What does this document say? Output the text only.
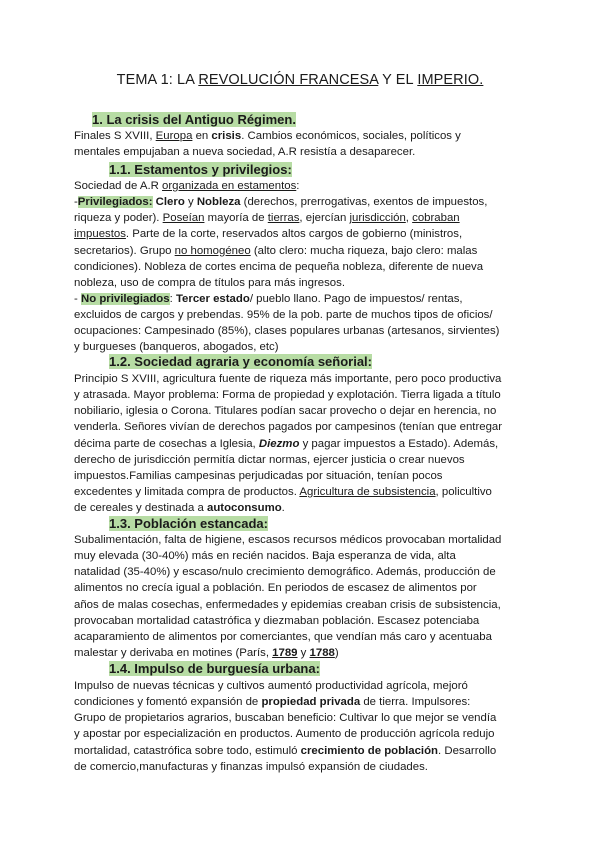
TEMA 1: LA REVOLUCIÓN FRANCESA Y EL IMPERIO.
1. La crisis del Antiguo Régimen.
Finales S XVIII, Europa en crisis. Cambios económicos, sociales, políticos y
mentales empujaban a nueva sociedad, A.R resistía a desaparecer.
1.1. Estamentos y privilegios:
Sociedad de A.R organizada en estamentos:
-Privilegiados: Clero y Nobleza (derechos, prerrogativas, exentos de impuestos,
riqueza y poder). Poseían mayoría de tierras, ejercían jurisdicción, cobraban
impuestos. Parte de la corte, reservados altos cargos de gobierno (ministros,
secretarios). Grupo no homogéneo (alto clero: mucha riqueza, bajo clero: malas
condiciones). Nobleza de cortes encima de pequeña nobleza, diferente de nueva
nobleza, uso de compra de títulos para más ingresos.
- No privilegiados: Tercer estado/ pueblo llano. Pago de impuestos/ rentas,
excluidos de cargos y prebendas. 95% de la pob. parte de muchos tipos de oficios/
ocupaciones: Campesinado (85%), clases populares urbanas (artesanos, sirvientes)
y burgueses (banqueros, abogados, etc)
1.2. Sociedad agraria y economía señorial:
Principio S XVIII, agricultura fuente de riqueza más importante, pero poco productiva
y atrasada. Mayor problema: Forma de propiedad y explotación. Tierra ligada a título
nobiliario, iglesia o Corona. Titulares podían sacar provecho o dejar en herencia, no
venderla. Señores vivían de derechos pagados por campesinos (tenían que entregar
décima parte de cosechas a Iglesia, Diezmo y pagar impuestos a Estado). Además,
derecho de jurisdicción permitía dictar normas, ejercer justicia o crear nuevos
impuestos.Familias campesinas perjudicadas por situación, tenían pocos
excedentes y limitada compra de productos. Agricultura de subsistencia, policultivo
de cereales y destinada a autoconsumo.
1.3. Población estancada:
Subalimentación, falta de higiene, escasos recursos médicos provocaban mortalidad
muy elevada (30-40%) más en recién nacidos. Baja esperanza de vida, alta
natalidad (35-40%) y escaso/nulo crecimiento demográfico. Además, producción de
alimentos no crecía igual a población. En periodos de escasez de alimentos por
años de malas cosechas, enfermedades y epidemias creaban crisis de subsistencia,
provocaban mortalidad catastrófica y diezmaban población. Escasez potenciaba
acaparamiento de alimentos por comerciantes, que vendían más caro y acentuaba
malestar y derivaba en motines (París, 1789 y 1788)
1.4. Impulso de burguesía urbana:
Impulso de nuevas técnicas y cultivos aumentó productividad agrícola, mejoró
condiciones y fomentó expansión de propiedad privada de tierra. Impulsores:
Grupo de propietarios agrarios, buscaban beneficio: Cultivar lo que mejor se vendía
y apostar por especialización en productos. Aumento de producción agrícola redujo
mortalidad, catastrófica sobre todo, estimuló crecimiento de población. Desarrollo
de comercio,manufacturas y finanzas impulsó expansión de ciudades.
